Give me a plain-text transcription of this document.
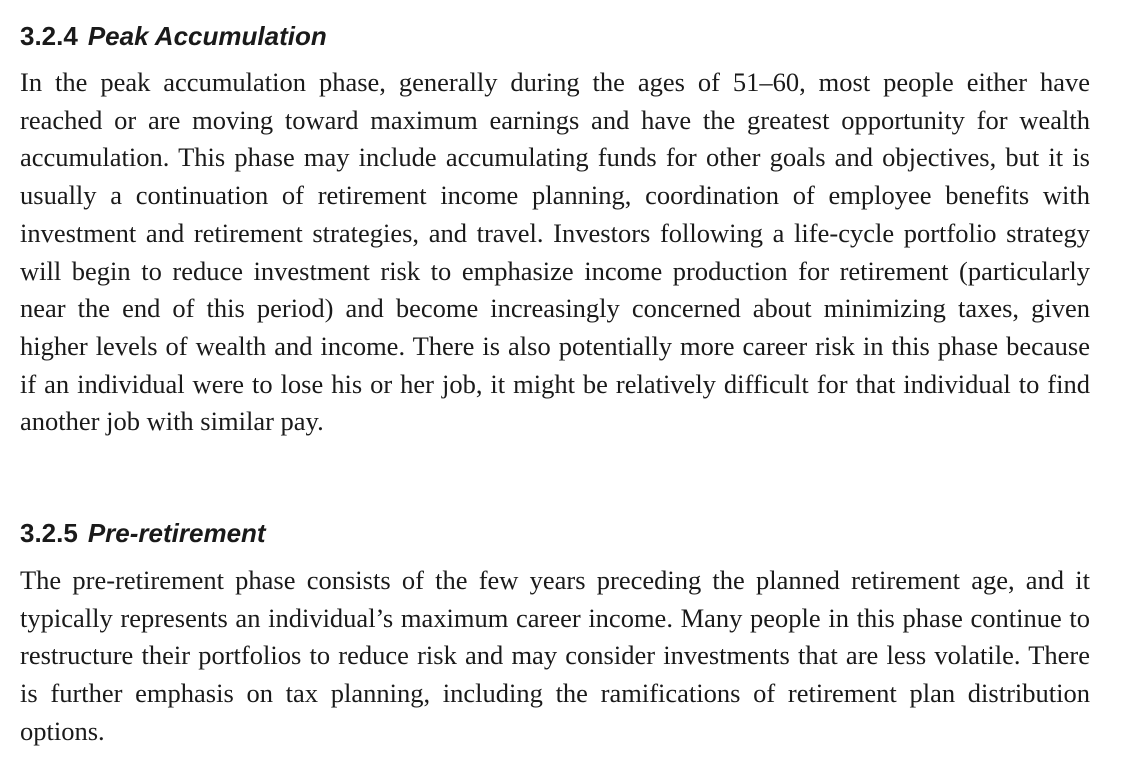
3.2.4 Peak Accumulation

In the peak accumulation phase, generally during the ages of 51–60, most people either have reached or are moving toward maximum earnings and have the greatest opportunity for wealth accumulation. This phase may include accumulating funds for other goals and objectives, but it is usually a continuation of retirement income planning, coordination of employee benefits with investment and retirement strategies, and travel. Investors following a life-cycle portfolio strategy will begin to reduce investment risk to emphasize income production for retirement (particularly near the end of this period) and become increasingly concerned about minimizing taxes, given higher levels of wealth and income. There is also potentially more career risk in this phase because if an individual were to lose his or her job, it might be relatively difficult for that individual to find another job with similar pay.

3.2.5 Pre-retirement

The pre-retirement phase consists of the few years preceding the planned retirement age, and it typically represents an individual’s maximum career income. Many people in this phase continue to restructure their portfolios to reduce risk and may consider investments that are less volatile. There is further emphasis on tax planning, including the ramifications of retirement plan distribution options.
